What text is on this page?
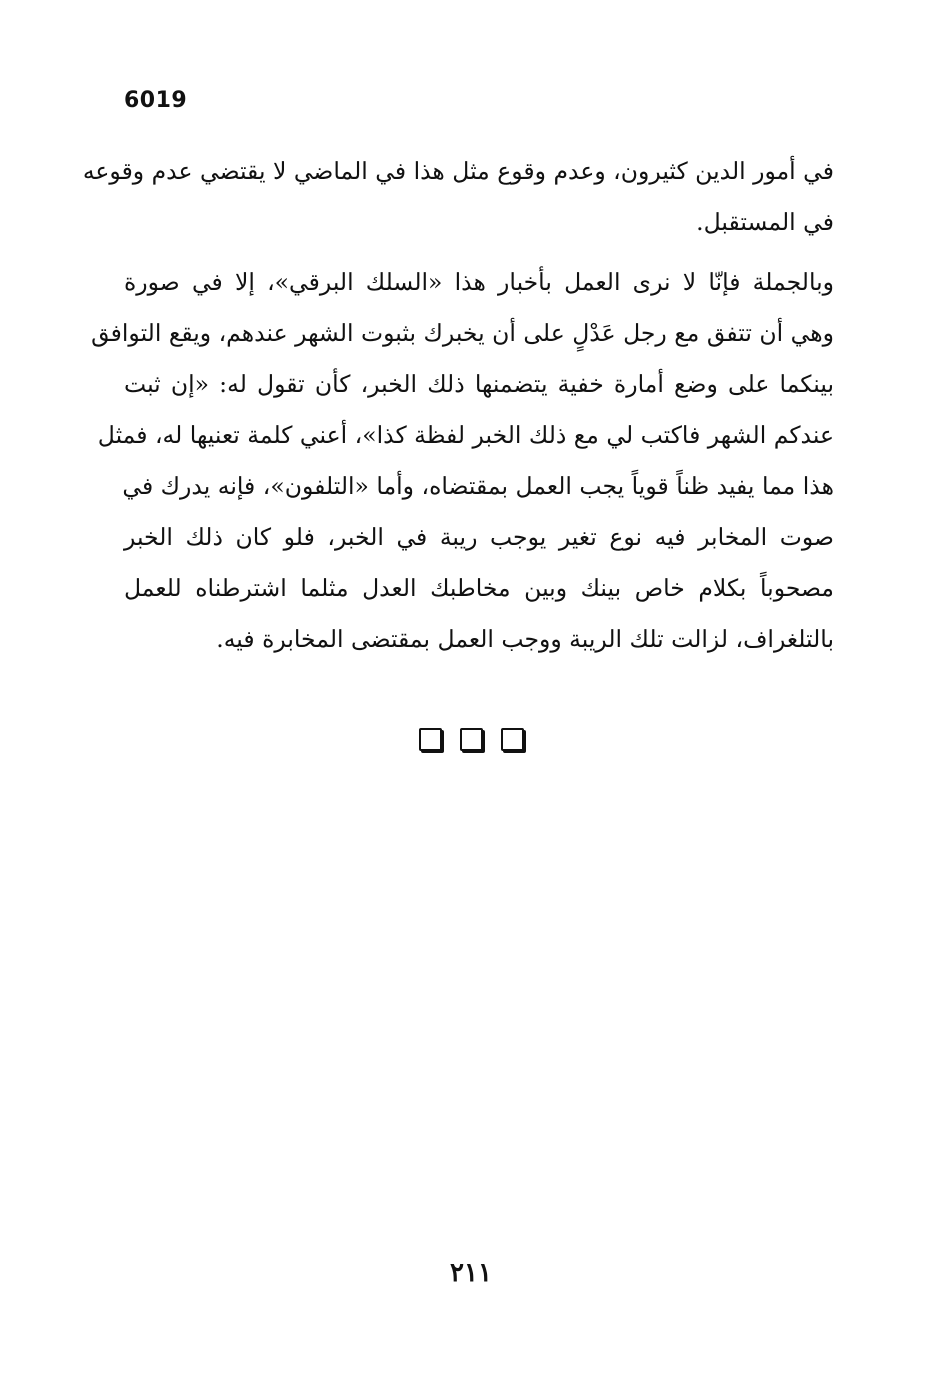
6019
في أمور الدين كثيرون، وعدم وقوع مثل هذا في الماضي لا يقتضي عدم وقوعه
في المستقبل.
وبالجملة فإنّا لا نرى العمل بأخبار هذا «السلك البرقي»، إلا في صورة
وهي أن تتفق مع رجل عَدْلٍ على أن يخبرك بثبوت الشهر عندهم، ويقع التوافق
بينكما على وضع أمارة خفية يتضمنها ذلك الخبر، كأن تقول له: «إن ثبت
عندكم الشهر فاكتب لي مع ذلك الخبر لفظة كذا»، أعني كلمة تعنيها له، فمثل
هذا مما يفيد ظناً قوياً يجب العمل بمقتضاه، وأما «التلفون»، فإنه يدرك في
صوت المخابر فيه نوع تغير يوجب ريبة في الخبر، فلو كان ذلك الخبر
مصحوباً بكلام خاص بينك وبين مخاطبك العدل مثلما اشترطناه للعمل
بالتلغراف، لزالت تلك الريبة ووجب العمل بمقتضى المخابرة فيه.

٢١١
